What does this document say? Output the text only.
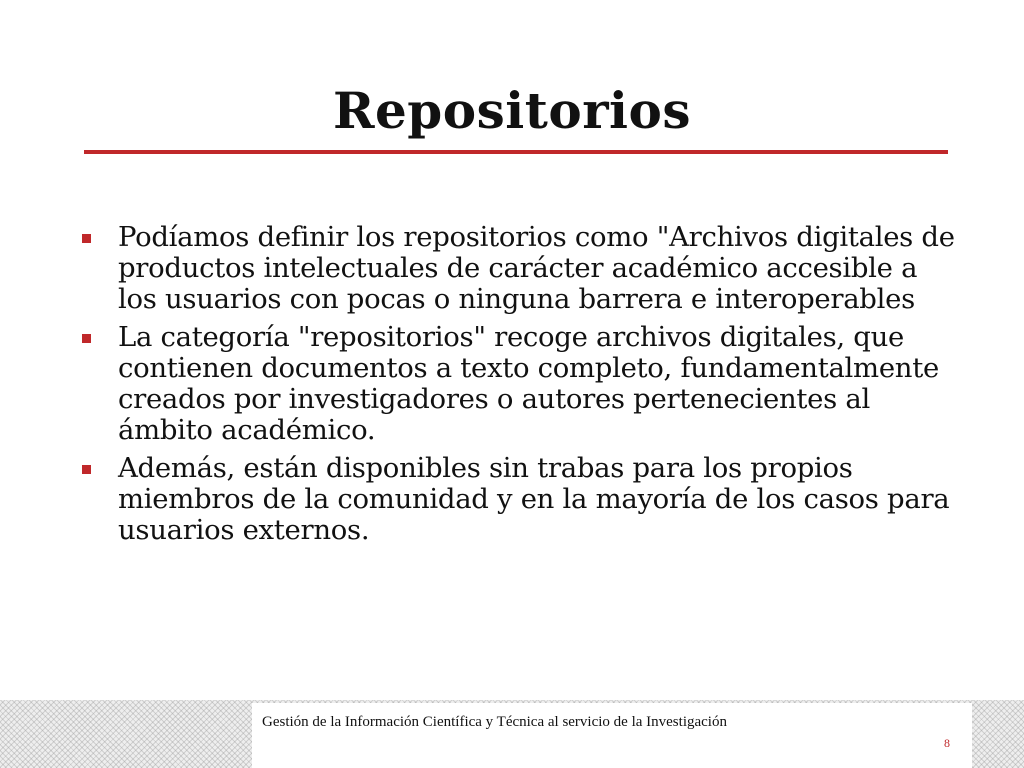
Repositorios
Podíamos definir los repositorios como "Archivos digitales de productos intelectuales de carácter académico accesible a los usuarios con pocas o ninguna barrera e interoperables
La categoría "repositorios" recoge archivos digitales, que contienen documentos a texto completo, fundamentalmente creados por investigadores o autores pertenecientes al ámbito académico.
Además, están disponibles sin trabas para los propios miembros de la comunidad y en la mayoría de los casos para usuarios externos.
Gestión de la Información Científica y Técnica al servicio de la Investigación
8
